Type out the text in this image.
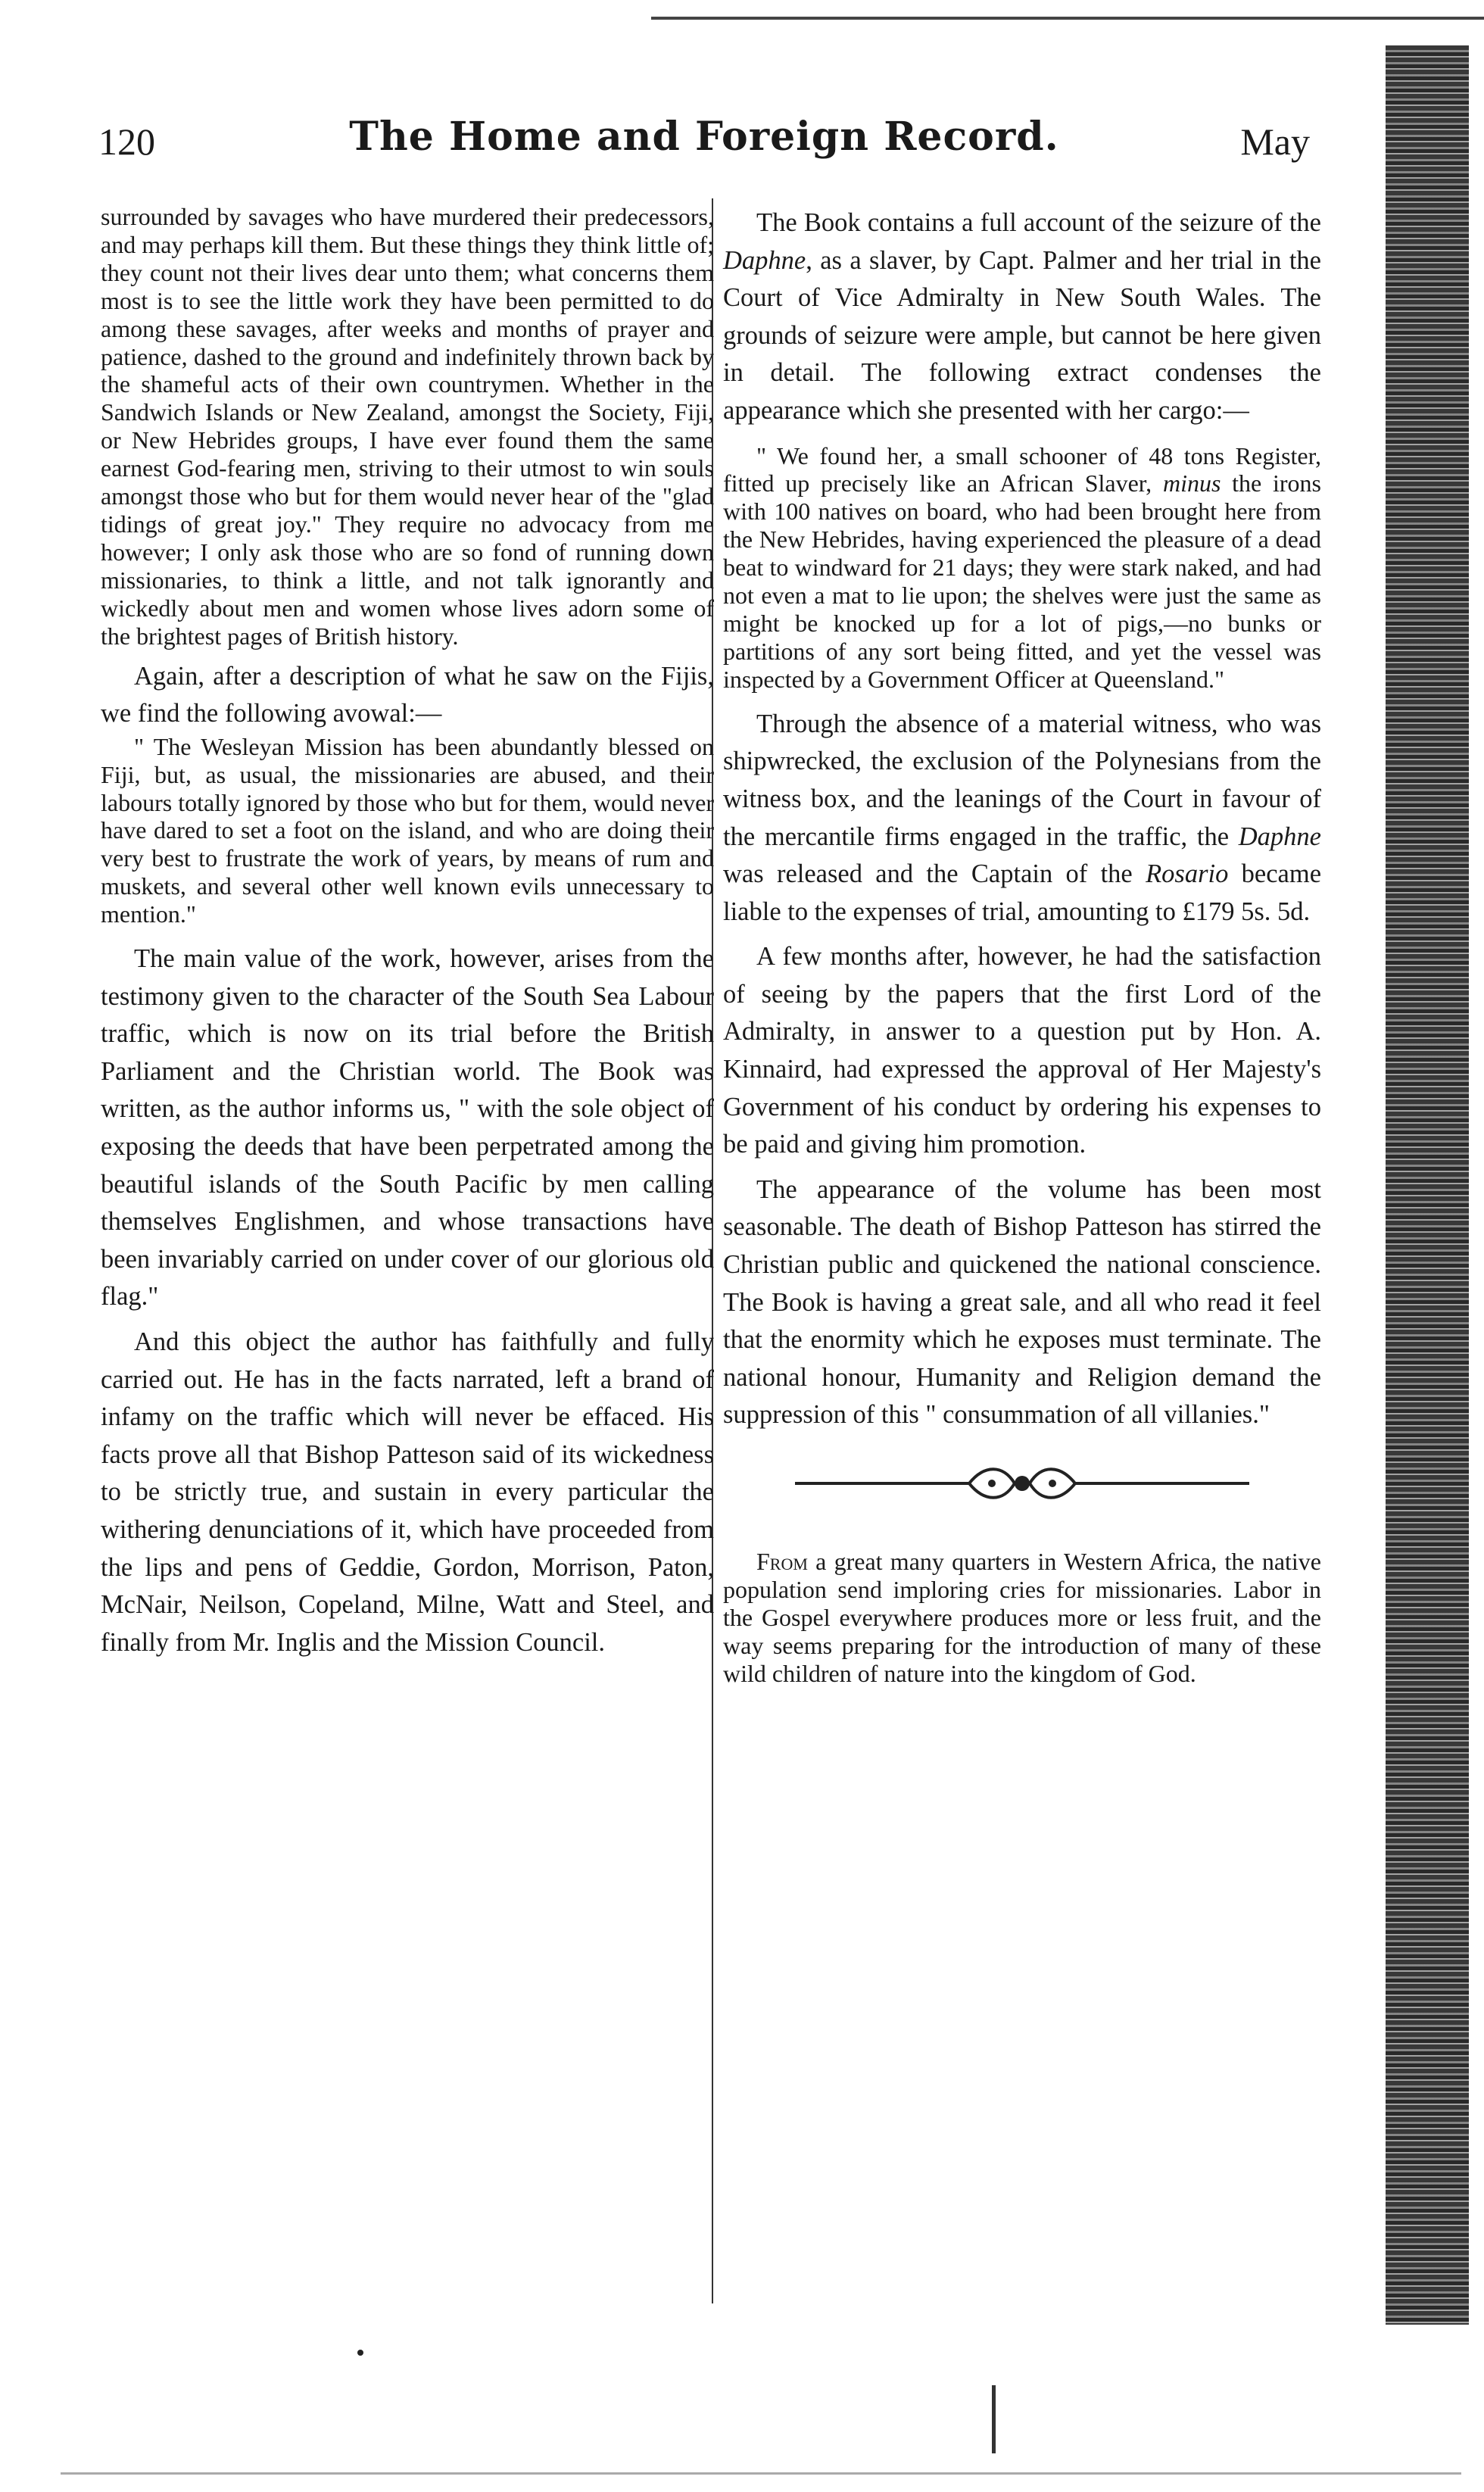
120	The Home and Foreign Record.	May

surrounded by savages who have murdered their predecessors, and may perhaps kill them. But these things they think little of; they count not their lives dear unto them; what concerns them most is to see the little work they have been permitted to do among these savages, after weeks and months of prayer and patience, dashed to the ground and indefinitely thrown back by the shameful acts of their own countrymen. Whether in the Sandwich Islands or New Zealand, amongst the Society, Fiji, or New Hebrides groups, I have ever found them the same earnest God-fearing men, striving to their utmost to win souls amongst those who but for them would never hear of the "glad tidings of great joy." They require no advocacy from me however; I only ask those who are so fond of running down missionaries, to think a little, and not talk ignorantly and wickedly about men and women whose lives adorn some of the brightest pages of British history.

Again, after a description of what he saw on the Fijis, we find the following avowal:—

" The Wesleyan Mission has been abundantly blessed on Fiji, but, as usual, the missionaries are abused, and their labours totally ignored by those who but for them, would never have dared to set a foot on the island, and who are doing their very best to frustrate the work of years, by means of rum and muskets, and several other well known evils unnecessary to mention."

The main value of the work, however, arises from the testimony given to the character of the South Sea Labour traffic, which is now on its trial before the British Parliament and the Christian world. The Book was written, as the author informs us, " with the sole object of exposing the deeds that have been perpetrated among the beautiful islands of the South Pacific by men calling themselves Englishmen, and whose transactions have been invariably carried on under cover of our glorious old flag."

And this object the author has faithfully and fully carried out. He has in the facts narrated, left a brand of infamy on the traffic which will never be effaced. His facts prove all that Bishop Patteson said of its wickedness to be strictly true, and sustain in every particular the withering denunciations of it, which have proceeded from the lips and pens of Geddie, Gordon, Morrison, Paton, McNair, Neilson, Copeland, Milne, Watt and Steel, and finally from Mr. Inglis and the Mission Council.

The Book contains a full account of the seizure of the Daphne, as a slaver, by Capt. Palmer and her trial in the Court of Vice Admiralty in New South Wales. The grounds of seizure were ample, but cannot be here given in detail. The following extract condenses the appearance which she presented with her cargo:—

" We found her, a small schooner of 48 tons Register, fitted up precisely like an African Slaver, minus the irons with 100 natives on board, who had been brought here from the New Hebrides, having experienced the pleasure of a dead beat to windward for 21 days; they were stark naked, and had not even a mat to lie upon; the shelves were just the same as might be knocked up for a lot of pigs,—no bunks or partitions of any sort being fitted, and yet the vessel was inspected by a Government Officer at Queensland."

Through the absence of a material witness, who was shipwrecked, the exclusion of the Polynesians from the witness box, and the leanings of the Court in favour of the mercantile firms engaged in the traffic, the Daphne was released and the Captain of the Rosario became liable to the expenses of trial, amounting to £179 5s. 5d.

A few months after, however, he had the satisfaction of seeing by the papers that the first Lord of the Admiralty, in answer to a question put by Hon. A. Kinnaird, had expressed the approval of Her Majesty's Government of his conduct by ordering his expenses to be paid and giving him promotion.

The appearance of the volume has been most seasonable. The death of Bishop Patteson has stirred the Christian public and quickened the national conscience. The Book is having a great sale, and all who read it feel that the enormity which he exposes must terminate. The national honour, Humanity and Religion demand the suppression of this " consummation of all villanies."

From a great many quarters in Western Africa, the native population send imploring cries for missionaries. Labor in the Gospel everywhere produces more or less fruit, and the way seems preparing for the introduction of many of these wild children of nature into the kingdom of God.
